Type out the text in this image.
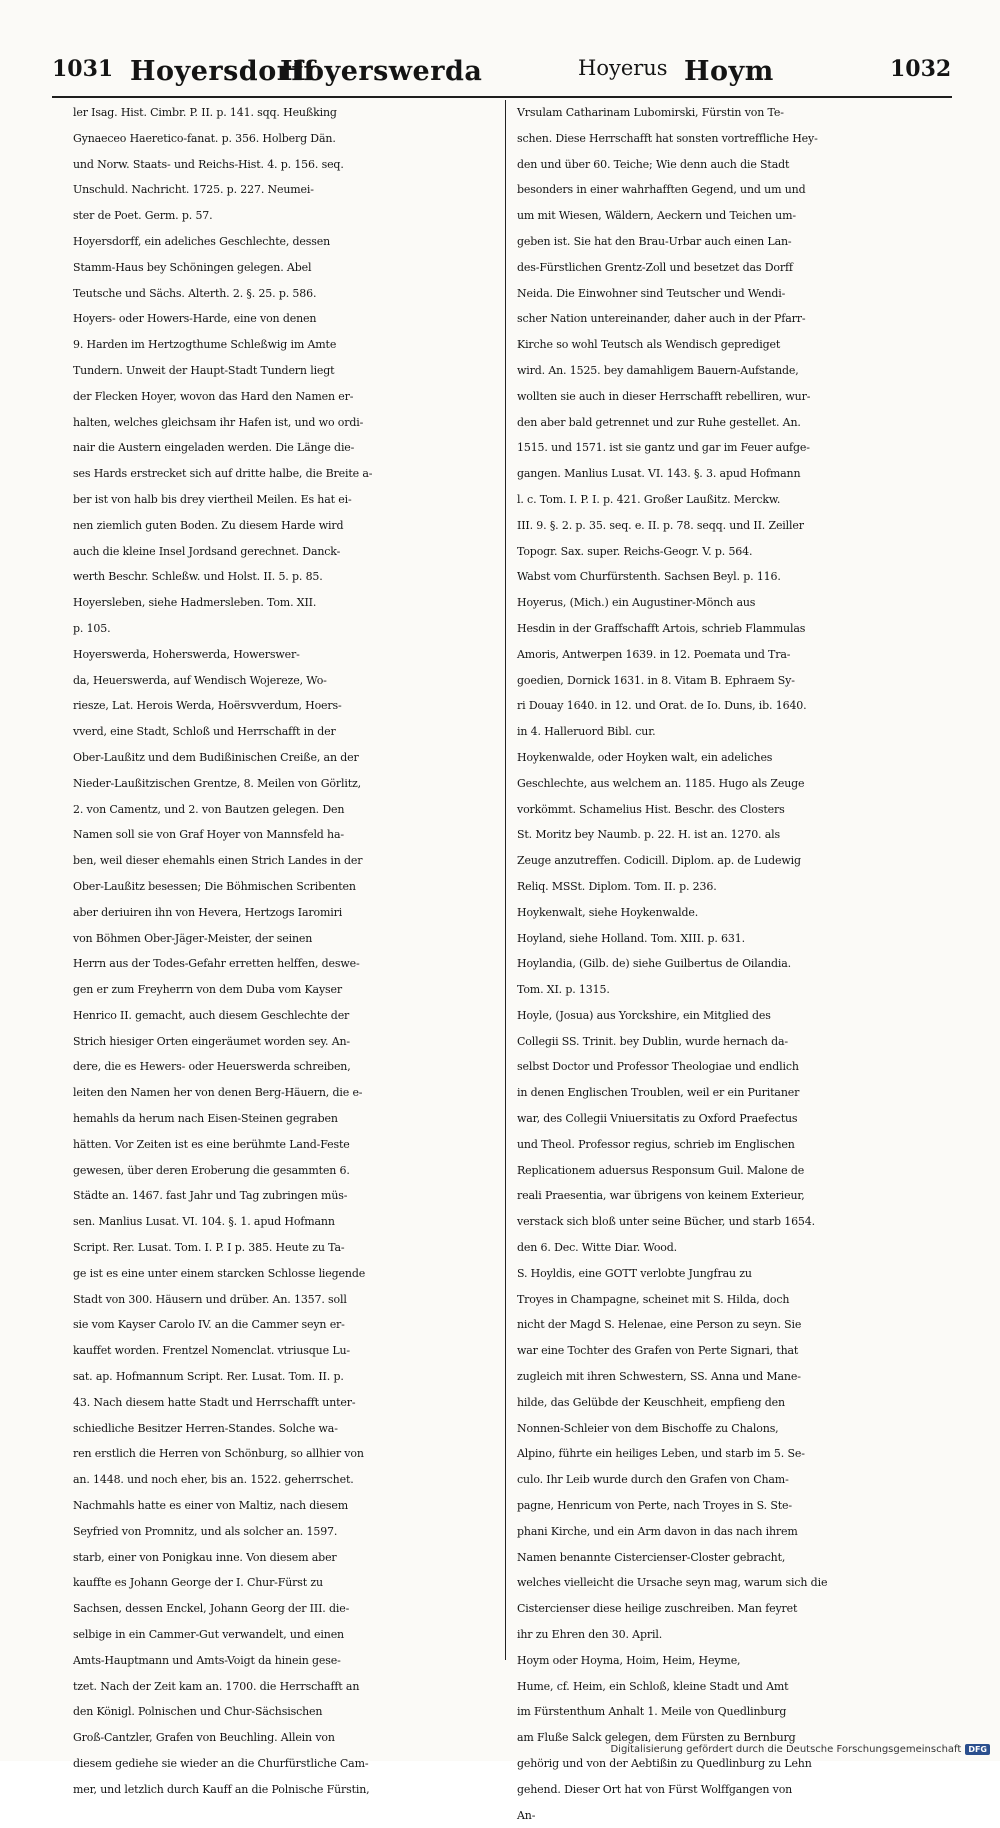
1031 Hoyersdorff
Hoyerswerda	Hoyerus Hoym	1032
ler Isag. Hist. Cimbr. P. II. p. 141. sqq. Heußking
Gynaeceo Haeretico-fanat. p. 356. Holberg Dän.
und Norw. Staats- und Reichs-Hist. 4. p. 156. seq.
Unschuld. Nachricht. 1725. p. 227. Neumei-
ster de Poet. Germ. p. 57.
Hoyersdorff, ein adeliches Geschlechte, dessen
Stamm-Haus bey Schöningen gelegen. Abel
Teutsche und Sächs. Alterth. 2. §. 25. p. 586.
Hoyers- oder Howers-Harde, eine von denen
9. Harden im Hertzogthume Schleßwig im Amte
Tundern. Unweit der Haupt-Stadt Tundern liegt
der Flecken Hoyer, wovon das Hard den Namen er-
halten, welches gleichsam ihr Hafen ist, und wo ordi-
nair die Austern eingeladen werden. Die Länge die-
ses Hards erstrecket sich auf dritte halbe, die Breite a-
ber ist von halb bis drey viertheil Meilen. Es hat ei-
nen ziemlich guten Boden. Zu diesem Harde wird
auch die kleine Insel Jordsand gerechnet. Danck-
werth Beschr. Schleßw. und Holst. II. 5. p. 85.
Hoyersleben, siehe Hadmersleben. Tom. XII.
p. 105.
Hoyerswerda, Hoherswerda, Howerswer-
da, Heuerswerda, auf Wendisch Wojereze, Wo-
riesze, Lat. Herois Werda, Hoërsvverdum, Hoers-
vverd, eine Stadt, Schloß und Herrschafft in der
Ober-Laußitz und dem Budißinischen Creiße, an der
Nieder-Laußitzischen Grentze, 8. Meilen von Görlitz,
2. von Camentz, und 2. von Bautzen gelegen. Den
Namen soll sie von Graf Hoyer von Mannsfeld ha-
ben, weil dieser ehemahls einen Strich Landes in der
Ober-Laußitz besessen; Die Böhmischen Scribenten
aber deriuiren ihn von Hevera, Hertzogs Iaromiri
von Böhmen Ober-Jäger-Meister, der seinen
Herrn aus der Todes-Gefahr erretten helffen, deswe-
gen er zum Freyherrn von dem Duba vom Kayser
Henrico II. gemacht, auch diesem Geschlechte der
Strich hiesiger Orten eingeräumet worden sey. An-
dere, die es Hewers- oder Heuerswerda schreiben,
leiten den Namen her von denen Berg-Häuern, die e-
hemahls da herum nach Eisen-Steinen gegraben
hätten. Vor Zeiten ist es eine berühmte Land-Feste
gewesen, über deren Eroberung die gesammten 6.
Städte an. 1467. fast Jahr und Tag zubringen müs-
sen. Manlius Lusat. VI. 104. §. 1. apud Hofmann
Script. Rer. Lusat. Tom. I. P. I p. 385. Heute zu Ta-
ge ist es eine unter einem starcken Schlosse liegende
Stadt von 300. Häusern und drüber. An. 1357. soll
sie vom Kayser Carolo IV. an die Cammer seyn er-
kauffet worden. Frentzel Nomenclat. vtriusque Lu-
sat. ap. Hofmannum Script. Rer. Lusat. Tom. II. p.
43. Nach diesem hatte Stadt und Herrschafft unter-
schiedliche Besitzer Herren-Standes. Solche wa-
ren erstlich die Herren von Schönburg, so allhier von
an. 1448. und noch eher, bis an. 1522. geherrschet.
Nachmahls hatte es einer von Maltiz, nach diesem
Seyfried von Promnitz, und als solcher an. 1597.
starb, einer von Ponigkau inne. Von diesem aber
kauffte es Johann George der I. Chur-Fürst zu
Sachsen, dessen Enckel, Johann Georg der III. die-
selbige in ein Cammer-Gut verwandelt, und einen
Amts-Hauptmann und Amts-Voigt da hinein gese-
tzet. Nach der Zeit kam an. 1700. die Herrschafft an
den Königl. Polnischen und Chur-Sächsischen
Groß-Cantzler, Grafen von Beuchling. Allein von
diesem gediehe sie wieder an die Churfürstliche Cam-
mer, und letzlich durch Kauff an die Polnische Fürstin,
Vrsulam Catharinam Lubomirski, Fürstin von Te-
schen. Diese Herrschafft hat sonsten vortreffliche Hey-
den und über 60. Teiche; Wie denn auch die Stadt
besonders in einer wahrhafften Gegend, und um und
um mit Wiesen, Wäldern, Aeckern und Teichen um-
geben ist. Sie hat den Brau-Urbar auch einen Lan-
des-Fürstlichen Grentz-Zoll und besetzet das Dorff
Neida. Die Einwohner sind Teutscher und Wendi-
scher Nation untereinander, daher auch in der Pfarr-
Kirche so wohl Teutsch als Wendisch geprediget
wird. An. 1525. bey damahligem Bauern-Aufstande,
wollten sie auch in dieser Herrschafft rebelliren, wur-
den aber bald getrennet und zur Ruhe gestellet. An.
1515. und 1571. ist sie gantz und gar im Feuer aufge-
gangen. Manlius Lusat. VI. 143. §. 3. apud Hofmann
l. c. Tom. I. P. I. p. 421. Großer Laußitz. Merckw.
III. 9. §. 2. p. 35. seq. e. II. p. 78. seqq. und II. Zeiller
Topogr. Sax. super. Reichs-Geogr. V. p. 564.
Wabst vom Churfürstenth. Sachsen Beyl. p. 116.
Hoyerus, (Mich.) ein Augustiner-Mönch aus
Hesdin in der Graffschafft Artois, schrieb Flammulas
Amoris, Antwerpen 1639. in 12. Poemata und Tra-
goedien, Dornick 1631. in 8. Vitam B. Ephraem Sy-
ri Douay 1640. in 12. und Orat. de Io. Duns, ib. 1640.
in 4. Halleruord Bibl. cur.
Hoykenwalde, oder Hoyken walt, ein adeliches
Geschlechte, aus welchem an. 1185. Hugo als Zeuge
vorkömmt. Schamelius Hist. Beschr. des Closters
St. Moritz bey Naumb. p. 22. H. ist an. 1270. als
Zeuge anzutreffen. Codicill. Diplom. ap. de Ludewig
Reliq. MSSt. Diplom. Tom. II. p. 236.
Hoykenwalt, siehe Hoykenwalde.
Hoyland, siehe Holland. Tom. XIII. p. 631.
Hoylandia, (Gilb. de) siehe Guilbertus de Oilandia.
Tom. XI. p. 1315.
Hoyle, (Josua) aus Yorckshire, ein Mitglied des
Collegii SS. Trinit. bey Dublin, wurde hernach da-
selbst Doctor und Professor Theologiae und endlich
in denen Englischen Troublen, weil er ein Puritaner
war, des Collegii Vniuersitatis zu Oxford Praefectus
und Theol. Professor regius, schrieb im Englischen
Replicationem aduersus Responsum Guil. Malone de
reali Praesentia, war übrigens von keinem Exterieur,
verstack sich bloß unter seine Bücher, und starb 1654.
den 6. Dec. Witte Diar. Wood.
S. Hoyldis, eine GOTT verlobte Jungfrau zu
Troyes in Champagne, scheinet mit S. Hilda, doch
nicht der Magd S. Helenae, eine Person zu seyn. Sie
war eine Tochter des Grafen von Perte Signari, that
zugleich mit ihren Schwestern, SS. Anna und Mane-
hilde, das Gelübde der Keuschheit, empfieng den
Nonnen-Schleier von dem Bischoffe zu Chalons,
Alpino, führte ein heiliges Leben, und starb im 5. Se-
culo. Ihr Leib wurde durch den Grafen von Cham-
pagne, Henricum von Perte, nach Troyes in S. Ste-
phani Kirche, und ein Arm davon in das nach ihrem
Namen benannte Cistercienser-Closter gebracht,
welches vielleicht die Ursache seyn mag, warum sich die
Cistercienser diese heilige zuschreiben. Man feyret
ihr zu Ehren den 30. April.
Hoym oder Hoyma, Hoim, Heim, Heyme,
Hume, cf. Heim, ein Schloß, kleine Stadt und Amt
im Fürstenthum Anhalt 1. Meile von Quedlinburg
am Fluße Salck gelegen, dem Fürsten zu Bernburg
gehörig und von der Aebtißin zu Quedlinburg zu Lehn
gehend. Dieser Ort hat von Fürst Wolffgangen von
An-
Digitalisierung gefördert durch die Deutsche Forschungsgemeinschaft DFG
